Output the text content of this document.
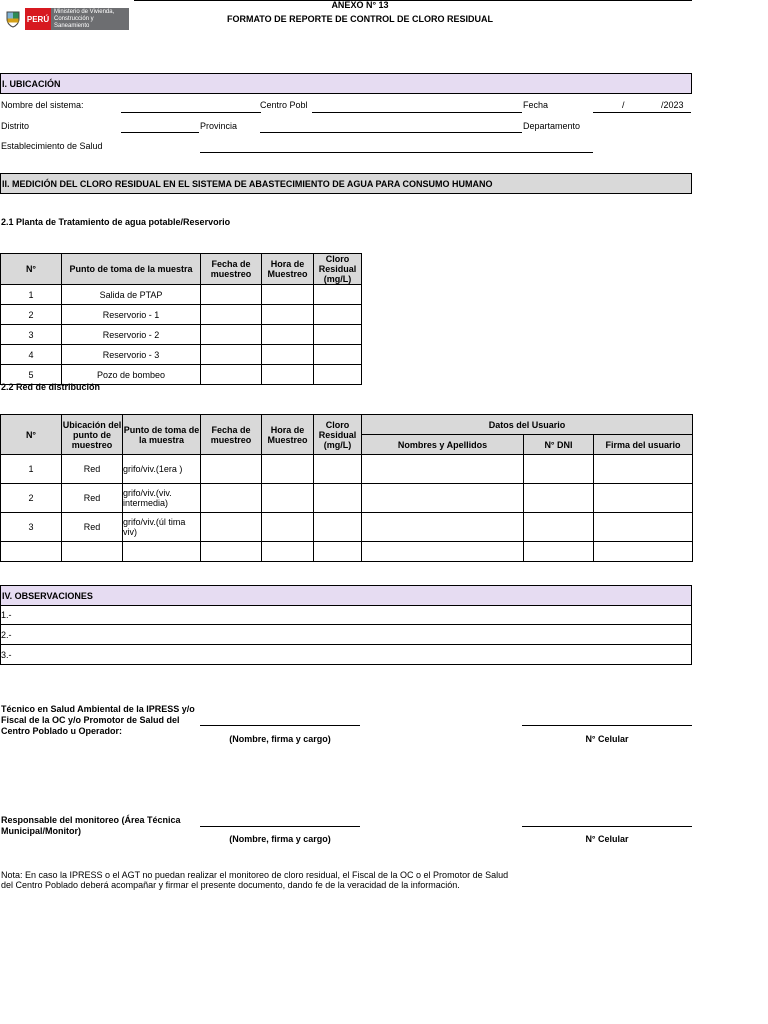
PERÚ
Ministerio de Vivienda, Construcción y Saneamiento
ANEXO N° 13
FORMATO DE REPORTE DE CONTROL DE CLORO RESIDUAL
I. UBICACIÓN
Nombre del sistema:	Centro Pobl	Fecha	/	/2023
Distrito	Provincia	Departamento
Establecimiento de Salud
II. MEDICIÓN DEL CLORO RESIDUAL EN EL SISTEMA DE ABASTECIMIENTO DE AGUA PARA CONSUMO HUMANO
2.1 Planta de Tratamiento de agua potable/Reservorio
N°	Punto de toma de la muestra	Fecha de muestreo	Hora de Muestreo	Cloro Residual (mg/L)
1	Salida de PTAP			
2	Reservorio - 1			
3	Reservorio - 2			
4	Reservorio - 3			
5	Pozo de bombeo			
2.2 Red de distribución
N°	Ubicación del punto de muestreo	Punto de toma de la muestra	Fecha de muestreo	Hora de Muestreo	Cloro Residual (mg/L)	Datos del Usuario		
						Nombres y Apellidos	N° DNI	Firma del usuario
1	Red	grifo/viv.(1era )						
2	Red	grifo/viv.(viv. intermedia)						
3	Red	grifo/viv.(úl tima viv)						

IV. OBSERVACIONES
1.-
2.-
3.-
Técnico en Salud Ambiental de la IPRESS y/o Fiscal de la OC y/o Promotor de Salud del Centro Poblado u Operador:
(Nombre, firma y cargo)	N° Celular
Responsable del monitoreo (Área Técnica Municipal/Monitor)
(Nombre, firma y cargo)	N° Celular
Nota: En caso la IPRESS o el AGT no puedan realizar el monitoreo de cloro residual, el Fiscal de la OC o el Promotor de Salud del Centro Poblado deberá acompañar y firmar el presente documento, dando fe de la veracidad de la información.
